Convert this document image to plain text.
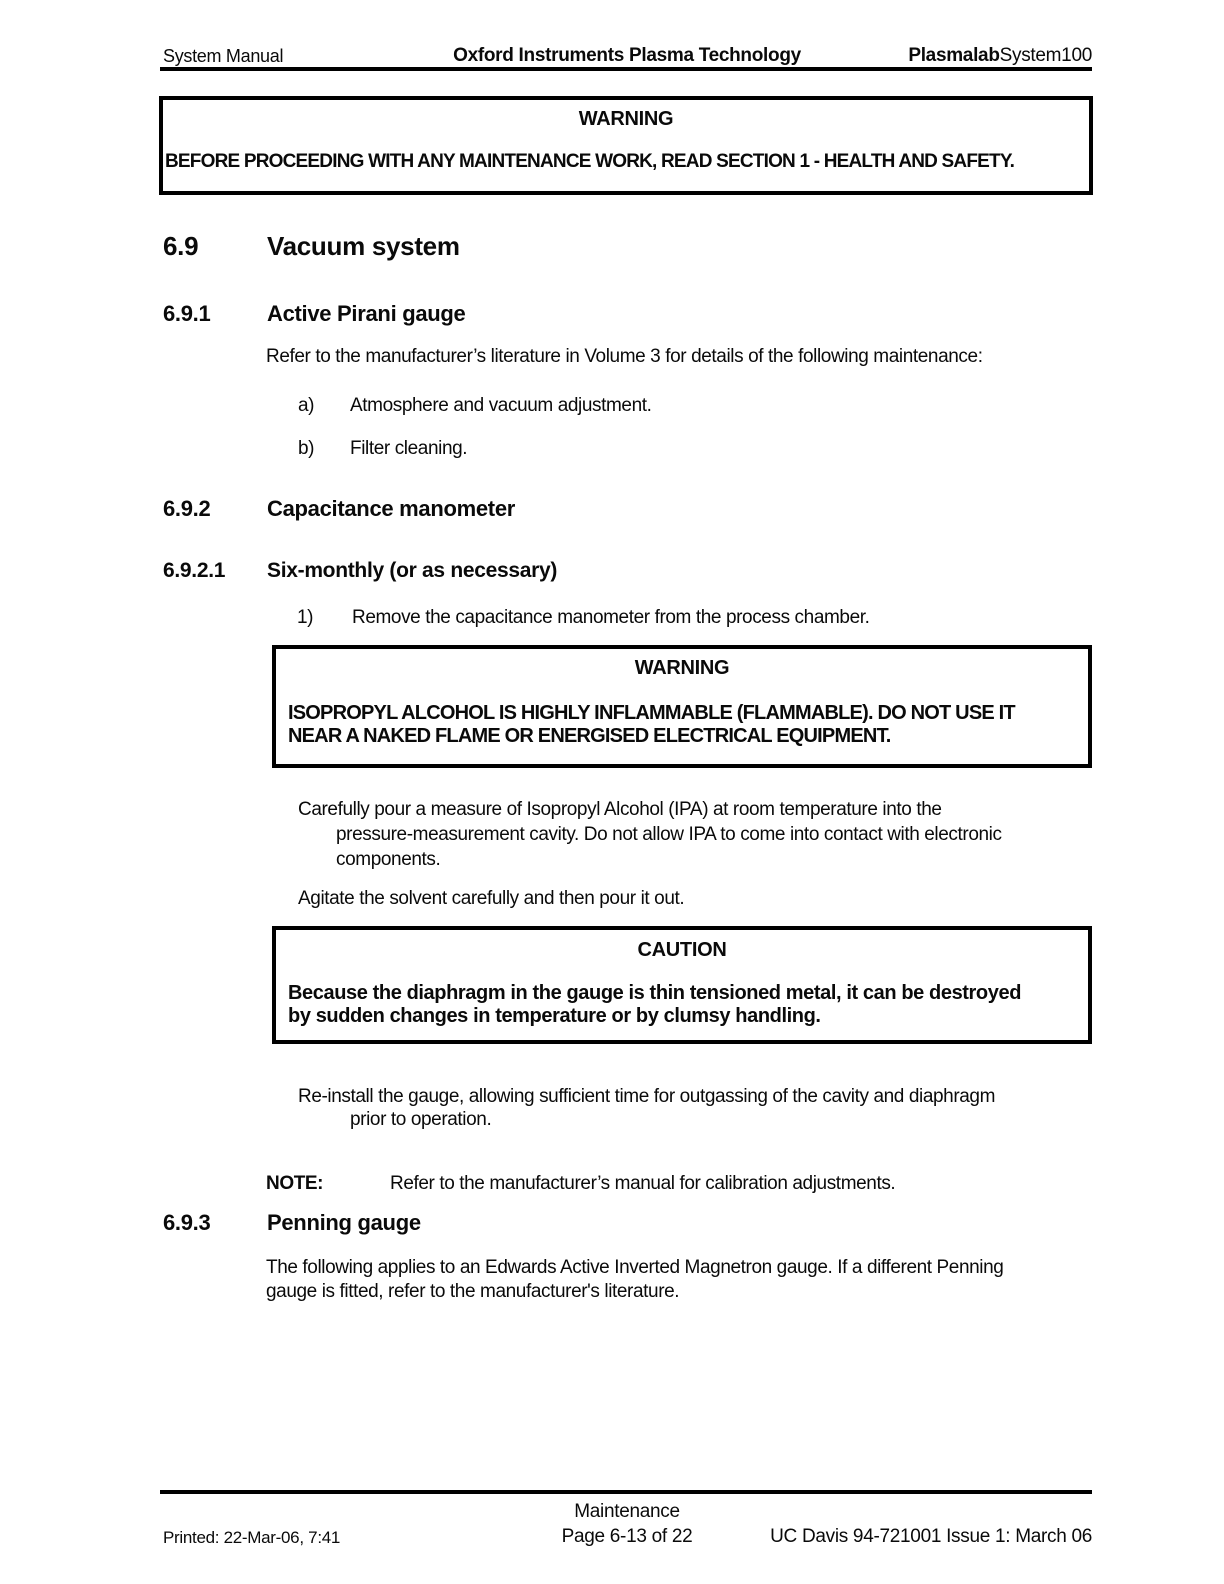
System Manual	Oxford Instruments Plasma Technology	PlasmalabSystem100
WARNING
BEFORE PROCEEDING WITH ANY MAINTENANCE WORK, READ SECTION 1 - HEALTH AND SAFETY.
6.9	Vacuum system
6.9.1	Active Pirani gauge
Refer to the manufacturer’s literature in Volume 3 for details of the following maintenance:
a) Atmosphere and vacuum adjustment.
b) Filter cleaning.
6.9.2	Capacitance manometer
6.9.2.1 Six-monthly (or as necessary)
1) Remove the capacitance manometer from the process chamber.
WARNING
ISOPROPYL ALCOHOL IS HIGHLY INFLAMMABLE (FLAMMABLE). DO NOT USE IT
NEAR A NAKED FLAME OR ENERGISED ELECTRICAL EQUIPMENT.
Carefully pour a measure of Isopropyl Alcohol (IPA) at room temperature into the
pressure-measurement cavity. Do not allow IPA to come into contact with electronic
components.
Agitate the solvent carefully and then pour it out.
CAUTION
Because the diaphragm in the gauge is thin tensioned metal, it can be destroyed
by sudden changes in temperature or by clumsy handling.
Re-install the gauge, allowing sufficient time for outgassing of the cavity and diaphragm
prior to operation.
NOTE:	Refer to the manufacturer’s manual for calibration adjustments.
6.9.3	Penning gauge
The following applies to an Edwards Active Inverted Magnetron gauge. If a different Penning
gauge is fitted, refer to the manufacturer's literature.
Maintenance
Printed: 22-Mar-06, 7:41	Page 6-13 of 22	UC Davis 94-721001 Issue 1: March 06
